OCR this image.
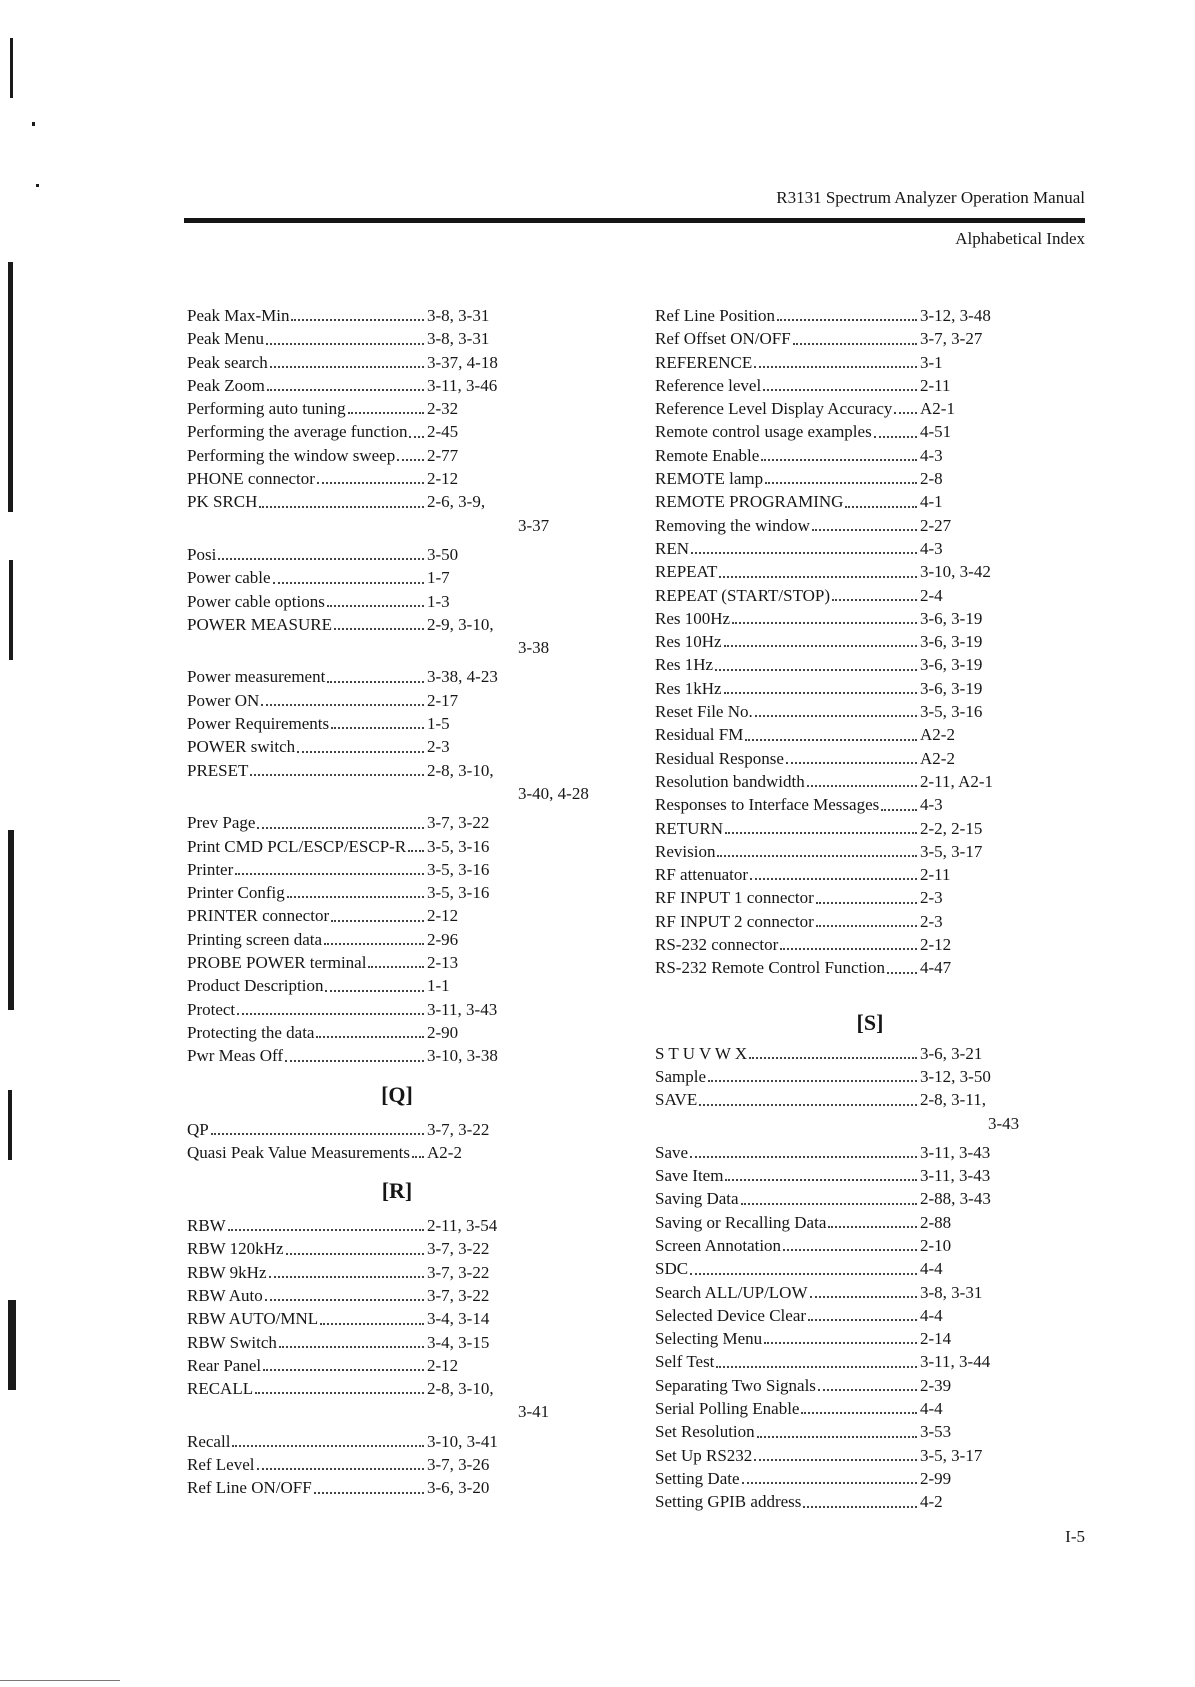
R3131 Spectrum Analyzer Operation Manual
Alphabetical Index
Peak Max-Min	3-8, 3-31
Peak Menu	3-8, 3-31
Peak search	3-37, 4-18
Peak Zoom	3-11, 3-46
Performing auto tuning	2-32
Performing the average function 2-45
Performing the window sweep 2-77
PHONE connector	2-12
PK SRCH	2-6, 3-9,
3-37
Posi	3-50
Power cable	1-7
Power cable options	1-3
POWER MEASURE	2-9, 3-10,
3-38
Power measurement	3-38, 4-23
Power ON	2-17
Power Requirements	1-5
POWER switch	2-3
PRESET	2-8, 3-10,
3-40, 4-28
Prev Page	3-7, 3-22
Print CMD PCL/ESCP/ESCP-R 3-5, 3-16
Printer	3-5, 3-16
Printer Config	3-5, 3-16
PRINTER connector	2-12
Printing screen data	2-96
PROBE POWER terminal	2-13
Product Description	1-1
Protect	3-11, 3-43
Protecting the data	2-90
Pwr Meas Off	3-10, 3-38
[Q]
QP	3-7, 3-22
Quasi Peak Value Measurements A2-2
[R]
RBW	2-11, 3-54
RBW 120kHz	3-7, 3-22
RBW 9kHz	3-7, 3-22
RBW Auto	3-7, 3-22
RBW AUTO/MNL	3-4, 3-14
RBW Switch	3-4, 3-15
Rear Panel	2-12
RECALL	2-8, 3-10,
3-41
Recall	3-10, 3-41
Ref Level	3-7, 3-26
Ref Line ON/OFF	3-6, 3-20
Ref Line Position	3-12, 3-48
Ref Offset ON/OFF	3-7, 3-27
REFERENCE	3-1
Reference level	2-11
Reference Level Display Accuracy A2-1
Remote control usage examples	4-51
Remote Enable	4-3
REMOTE lamp	2-8
REMOTE PROGRAMING	4-1
Removing the window	2-27
REN	4-3
REPEAT	3-10, 3-42
REPEAT (START/STOP)	2-4
Res 100Hz	3-6, 3-19
Res 10Hz	3-6, 3-19
Res 1Hz	3-6, 3-19
Res 1kHz	3-6, 3-19
Reset File No.	3-5, 3-16
Residual FM	A2-2
Residual Response	A2-2
Resolution bandwidth	2-11, A2-1
Responses to Interface Messages 4-3
RETURN	2-2, 2-15
Revision	3-5, 3-17
RF attenuator	2-11
RF INPUT 1 connector	2-3
RF INPUT 2 connector	2-3
RS-232 connector	2-12
RS-232 Remote Control Function 4-47
[S]
S T U V W X	3-6, 3-21
Sample	3-12, 3-50
SAVE	2-8, 3-11,
3-43
Save	3-11, 3-43
Save Item	3-11, 3-43
Saving Data	2-88, 3-43
Saving or Recalling Data	2-88
Screen Annotation	2-10
SDC	4-4
Search ALL/UP/LOW	3-8, 3-31
Selected Device Clear	4-4
Selecting Menu	2-14
Self Test	3-11, 3-44
Separating Two Signals	2-39
Serial Polling Enable	4-4
Set Resolution	3-53
Set Up RS232	3-5, 3-17
Setting Date	2-99
Setting GPIB address	4-2
I-5
